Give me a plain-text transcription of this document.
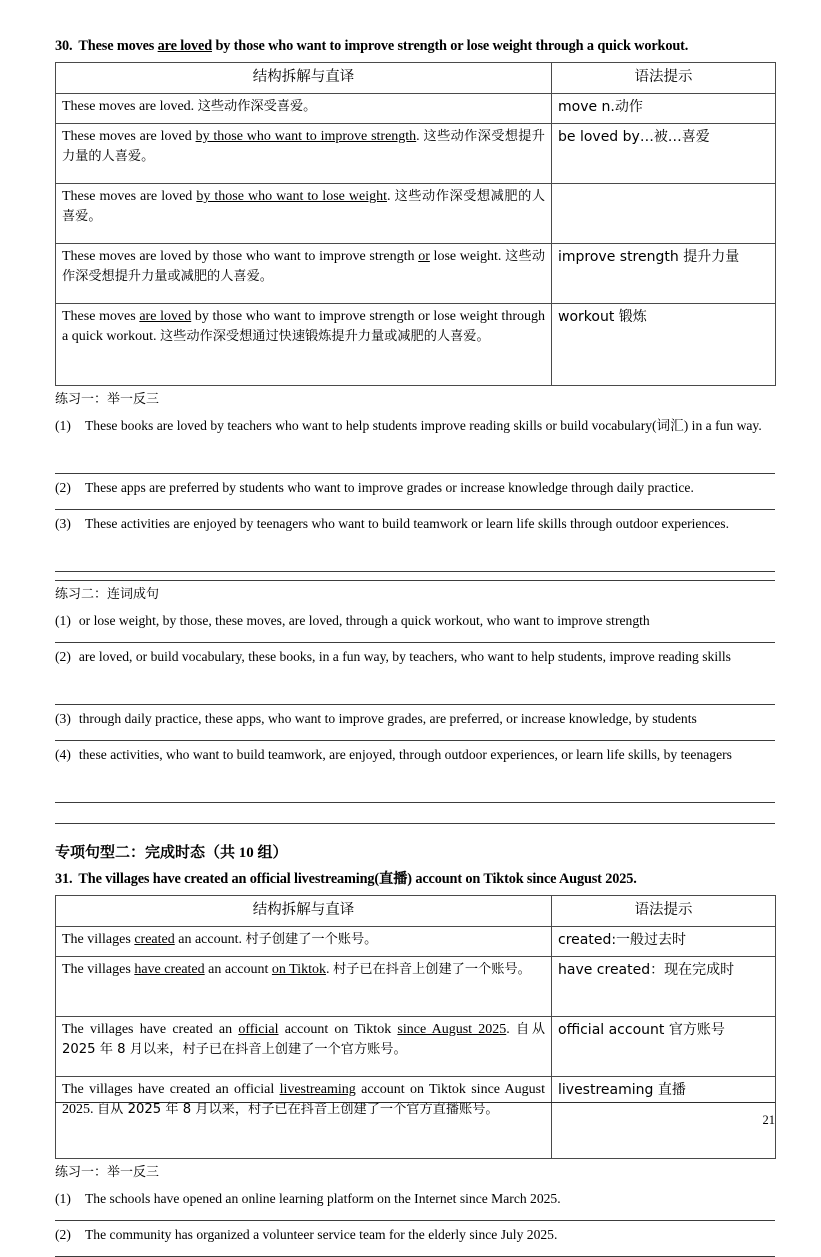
30. These moves are loved by those who want to improve strength or lose weight through a quick workout.
结构拆解与直译	语法提示
These moves are loved. 这些动作深受喜爱。	move n.动作
These moves are loved by those who want to improve strength. 这些动作深受想提升力量的人喜爱。	be loved by…被…喜爱
These moves are loved by those who want to lose weight. 这些动作深受想减肥的人喜爱。	
These moves are loved by those who want to improve strength or lose weight. 这些动作深受想提升力量或减肥的人喜爱。	improve strength 提升力量
These moves are loved by those who want to improve strength or lose weight through a quick workout. 这些动作深受想通过快速锻炼提升力量或减肥的人喜爱。	workout 锻炼
练习一：举一反三
(1)	These books are loved by teachers who want to help students improve reading skills or build vocabulary(词汇) in a fun way.
(2)	These apps are preferred by students who want to improve grades or increase knowledge through daily practice.
(3)	These activities are enjoyed by teenagers who want to build teamwork or learn life skills through outdoor experiences.
练习二：连词成句
(1) or lose weight, by those, these moves, are loved, through a quick workout, who want to improve strength
(2) are loved, or build vocabulary, these books, in a fun way, by teachers, who want to help students, improve reading skills
(3) through daily practice, these apps, who want to improve grades, are preferred, or increase knowledge, by students
(4) these activities, who want to build teamwork, are enjoyed, through outdoor experiences, or learn life skills, by teenagers
专项句型二：完成时态（共 10 组）
31. The villages have created an official livestreaming(直播) account on Tiktok since August 2025.
结构拆解与直译	语法提示
The villages created an account. 村子创建了一个账号。	created:一般过去时
The villages have created an account on Tiktok. 村子已在抖音上创建了一个账号。	have created：现在完成时
The villages have created an official account on Tiktok since August 2025. 自从 2025 年 8 月以来，村子已在抖音上创建了一个官方账号。	official account 官方账号
The villages have created an official livestreaming account on Tiktok since August 2025. 自从 2025 年 8 月以来，村子已在抖音上创建了一个官方直播账号。	livestreaming 直播
练习一：举一反三
(1)	The schools have opened an online learning platform on the Internet since March 2025.
(2)	The community has organized a volunteer service team for the elderly since July 2025.
21
